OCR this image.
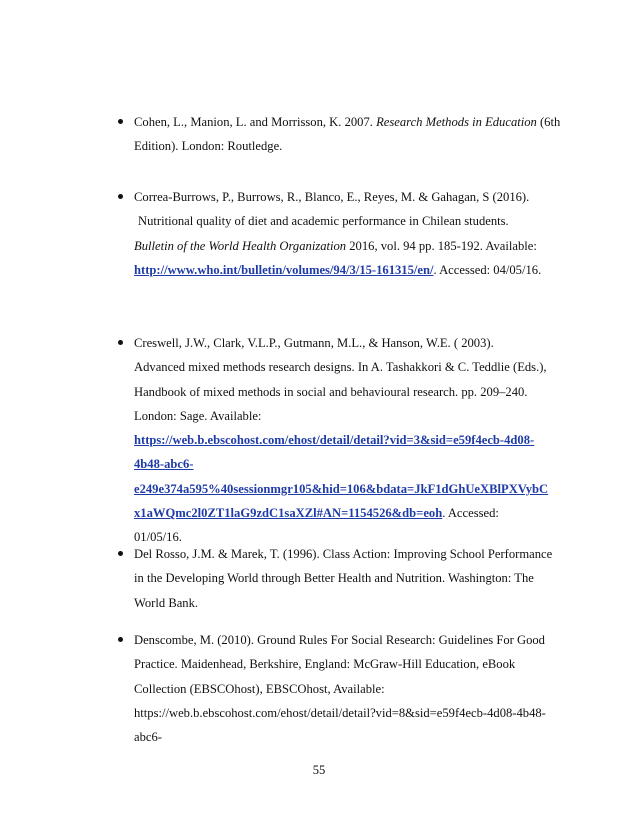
Cohen, L., Manion, L. and Morrisson, K. 2007. Research Methods in Education (6th
Edition). London: Routledge.
Correa-Burrows, P., Burrows, R., Blanco, E., Reyes, M. & Gahagan, S (2016).
Nutritional quality of diet and academic performance in Chilean students.
Bulletin of the World Health Organization 2016, vol. 94 pp. 185-192. Available:
http://www.who.int/bulletin/volumes/94/3/15-161315/en/. Accessed: 04/05/16.
Creswell, J.W., Clark, V.L.P., Gutmann, M.L., & Hanson, W.E. ( 2003).
Advanced mixed methods research designs. In A. Tashakkori & C. Teddlie (Eds.),
Handbook of mixed methods in social and behavioural research. pp. 209–240.
London: Sage. Available:
https://web.b.ebscohost.com/ehost/detail/detail?vid=3&sid=e59f4ecb-4d08-
4b48-abc6-
e249e374a595%40sessionmgr105&hid=106&bdata=JkF1dGhUeXBlPXVybC
x1aWQmc2l0ZT1laG9zdC1saXZl#AN=1154526&db=eoh. Accessed:
01/05/16.
Del Rosso, J.M. & Marek, T. (1996). Class Action: Improving School Performance
in the Developing World through Better Health and Nutrition. Washington: The
World Bank.
Denscombe, M. (2010). Ground Rules For Social Research: Guidelines For Good
Practice. Maidenhead, Berkshire, England: McGraw-Hill Education, eBook
Collection (EBSCOhost), EBSCOhost, Available:
https://web.b.ebscohost.com/ehost/detail/detail?vid=8&sid=e59f4ecb-4d08-4b48-
abc6-
55
